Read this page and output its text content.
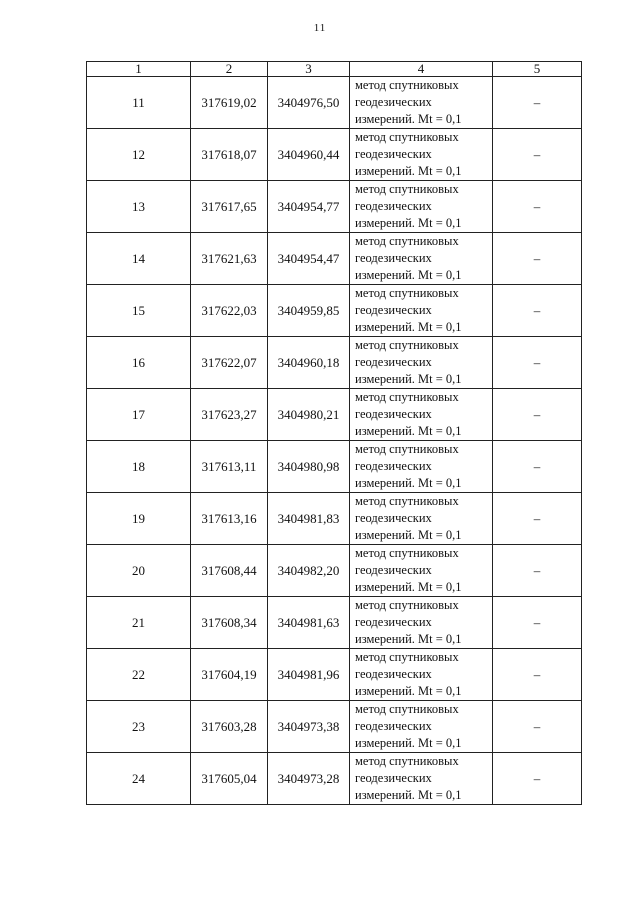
11
1	2	3	4	5
11	317619,02	3404976,50	метод спутниковых
геодезических
измерений. Mt = 0,1	–
12	317618,07	3404960,44	метод спутниковых
геодезических
измерений. Mt = 0,1	–
13	317617,65	3404954,77	метод спутниковых
геодезических
измерений. Mt = 0,1	–
14	317621,63	3404954,47	метод спутниковых
геодезических
измерений. Mt = 0,1	–
15	317622,03	3404959,85	метод спутниковых
геодезических
измерений. Mt = 0,1	–
16	317622,07	3404960,18	метод спутниковых
геодезических
измерений. Mt = 0,1	–
17	317623,27	3404980,21	метод спутниковых
геодезических
измерений. Mt = 0,1	–
18	317613,11	3404980,98	метод спутниковых
геодезических
измерений. Mt = 0,1	–
19	317613,16	3404981,83	метод спутниковых
геодезических
измерений. Mt = 0,1	–
20	317608,44	3404982,20	метод спутниковых
геодезических
измерений. Mt = 0,1	–
21	317608,34	3404981,63	метод спутниковых
геодезических
измерений. Mt = 0,1	–
22	317604,19	3404981,96	метод спутниковых
геодезических
измерений. Mt = 0,1	–
23	317603,28	3404973,38	метод спутниковых
геодезических
измерений. Mt = 0,1	–
24	317605,04	3404973,28	метод спутниковых
геодезических
измерений. Mt = 0,1	–
